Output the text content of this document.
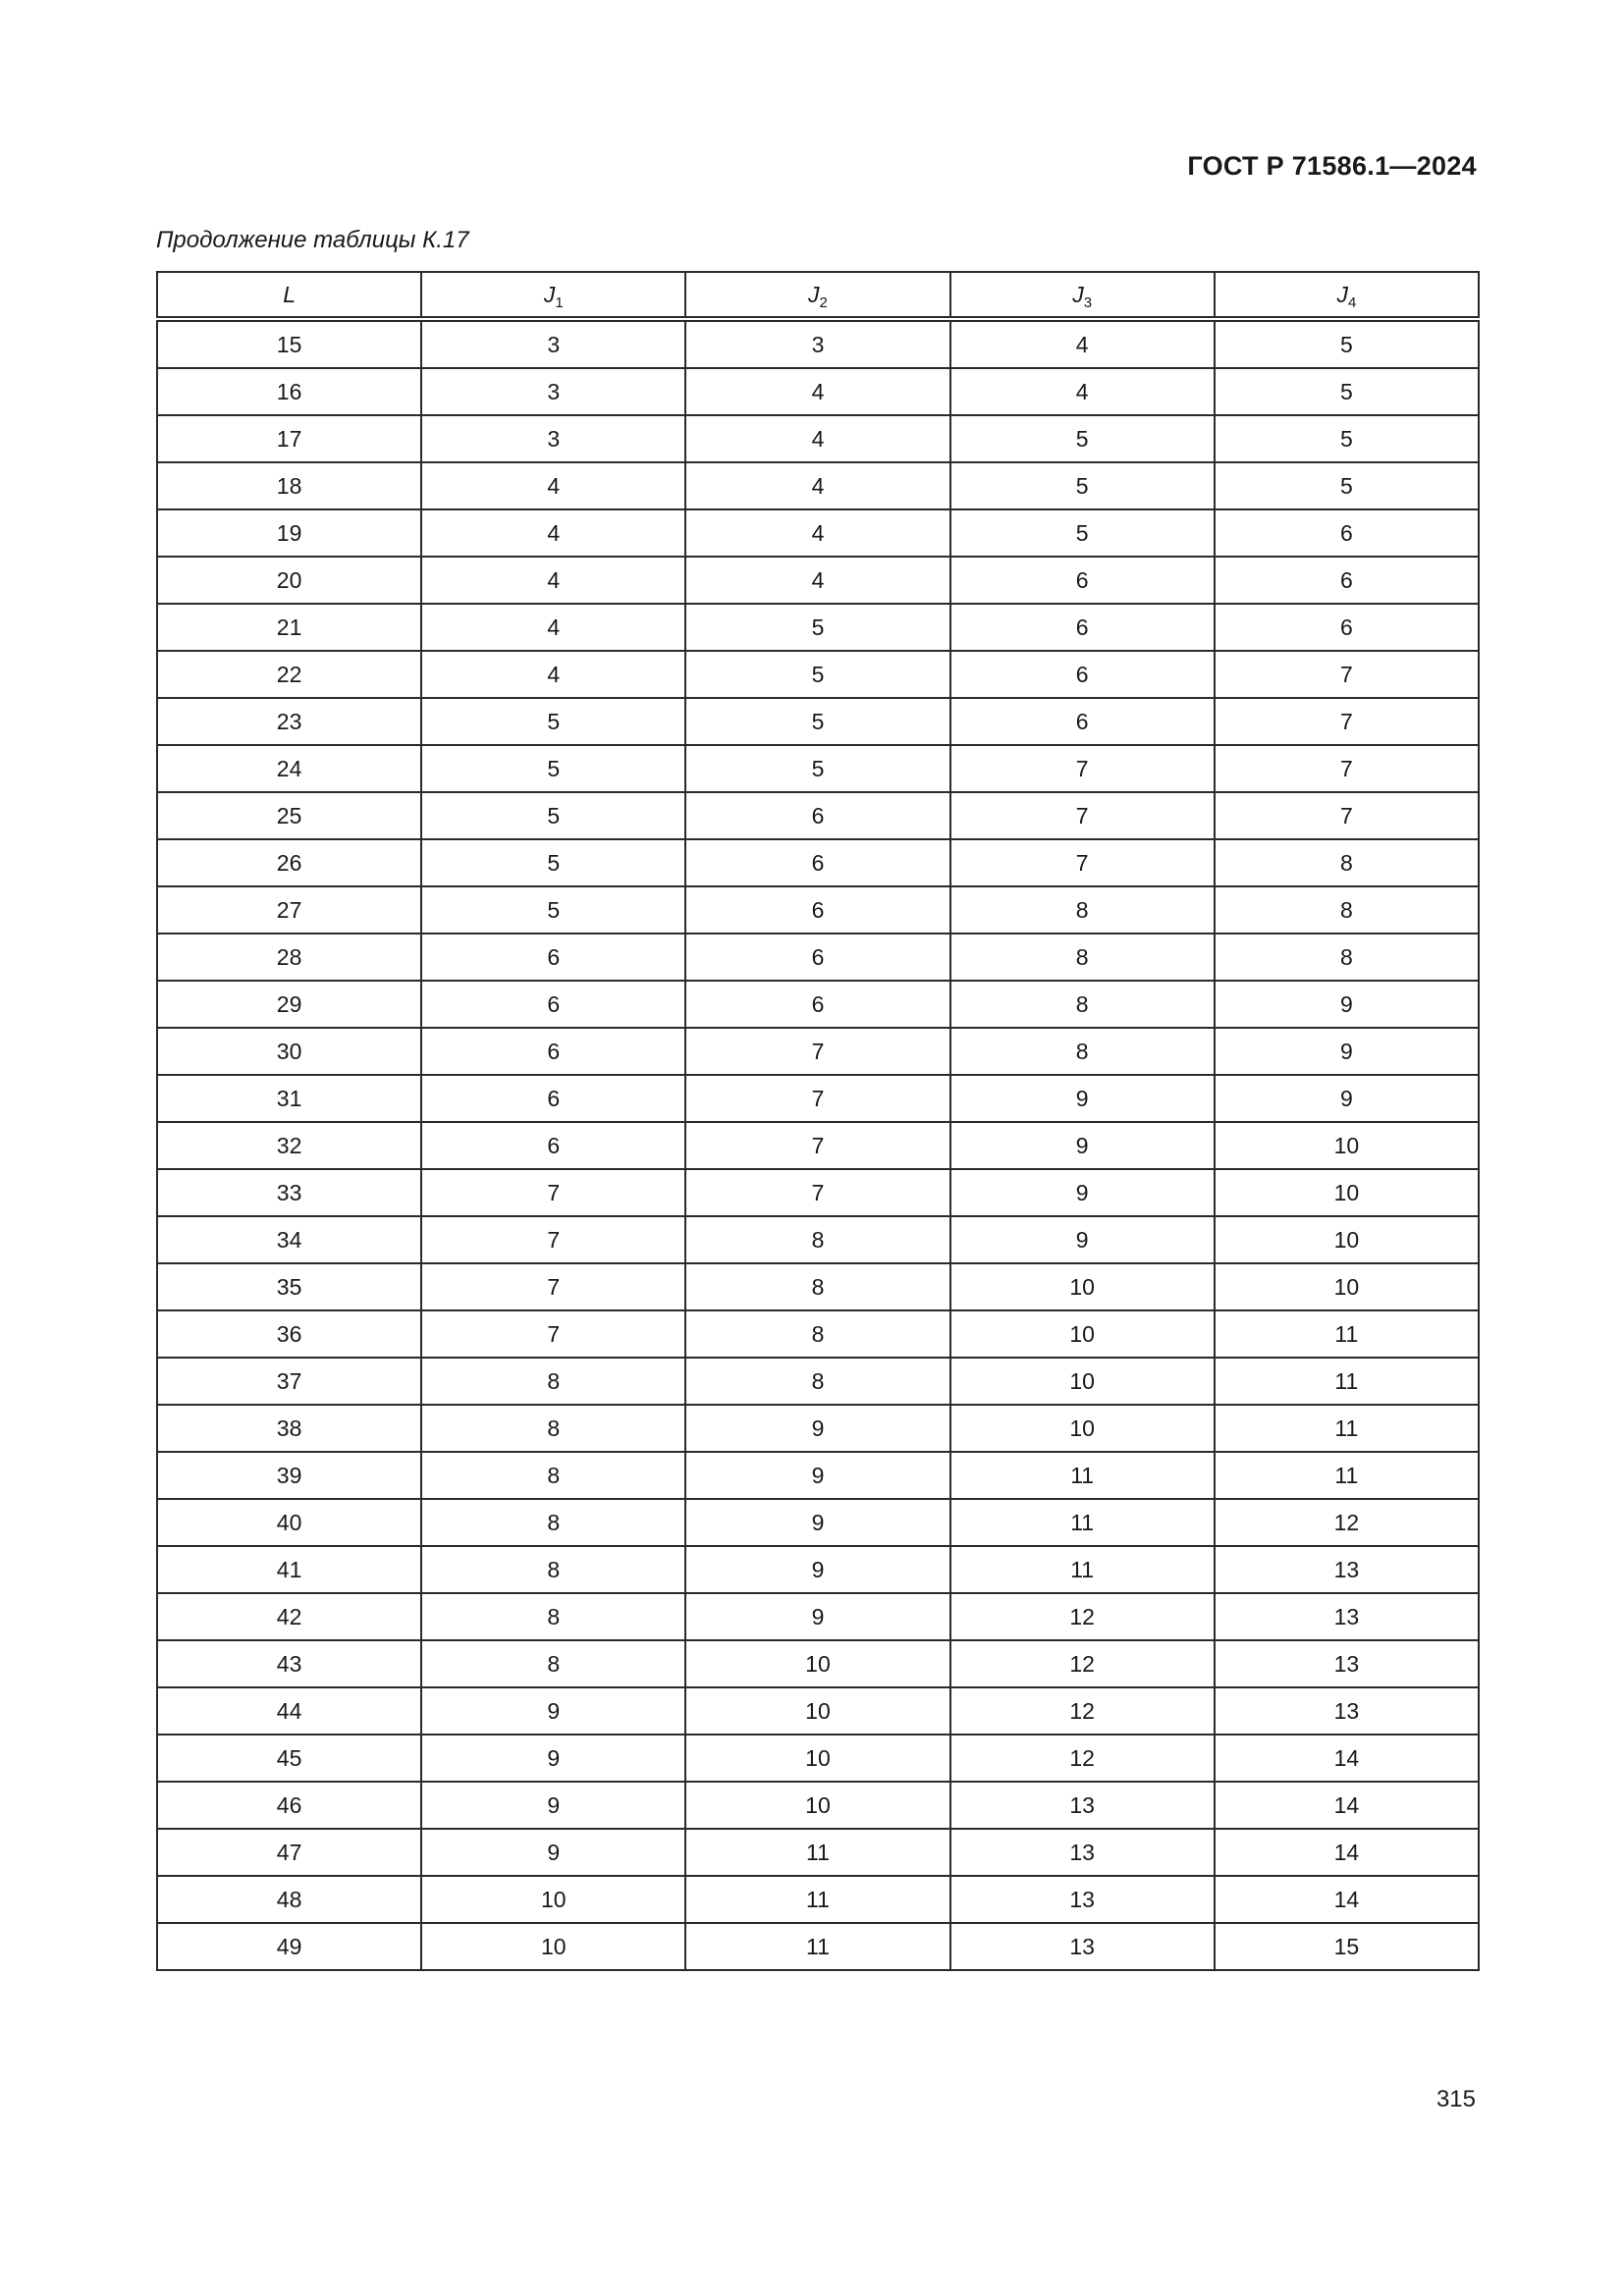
ГОСТ Р 71586.1—2024
Продолжение таблицы К.17
L	$J_1$	$J_2$	$J_3$	$J_4$
15	3	3	4	5
16	3	4	4	5
17	3	4	5	5
18	4	4	5	5
19	4	4	5	6
20	4	4	6	6
21	4	5	6	6
22	4	5	6	7
23	5	5	6	7
24	5	5	7	7
25	5	6	7	7
26	5	6	7	8
27	5	6	8	8
28	6	6	8	8
29	6	6	8	9
30	6	7	8	9
31	6	7	9	9
32	6	7	9	10
33	7	7	9	10
34	7	8	9	10
35	7	8	10	10
36	7	8	10	11
37	8	8	10	11
38	8	9	10	11
39	8	9	11	11
40	8	9	11	12
41	8	9	11	13
42	8	9	12	13
43	8	10	12	13
44	9	10	12	13
45	9	10	12	14
46	9	10	13	14
47	9	11	13	14
48	10	11	13	14
49	10	11	13	15
315
